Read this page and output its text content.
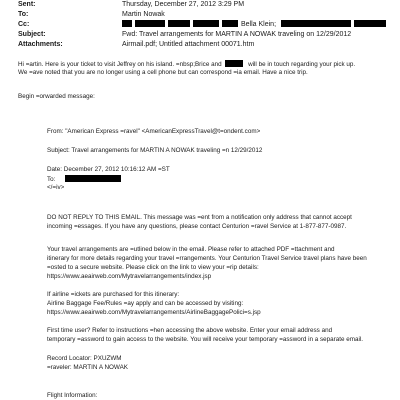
Sent:	Thursday, December 27, 2012 3:29 PM
To:	Martin Nowak
Cc:	Bella Klein;
Subject:	Fwd: Travel arrangements for MARTIN A NOWAK traveling on 12/29/2012
Attachments:	Airmail.pdf; Untitled attachment 00071.htm
Hi =artin. Here is your ticket to visit Jeffrey on his island. =nbsp;Brice and	will be in touch regarding your pick up.
We =ave noted that you are no longer using a cell phone but can correspond =ia email. Have a nice trip.
Begin =orwarded message:
From: "American Express =ravel" <AmericanExpressTravel@t=ondent.com>
Subject: Travel arrangements for MARTIN A NOWAK traveling =n 12/29/2012
Date: December 27, 2012 10:16:12 AM =ST
To:
</=iv>
DO NOT REPLY TO THIS EMAIL. This message was =ent from a notification only address that cannot accept
incoming =essages. If you have any questions, please contact Centurion =ravel Service at 1-877-877-0987.
Your travel arrangements are =utlined below in the email. Please refer to attached PDF =ttachment and
itinerary for more details regarding your travel =rrangements. Your Centurion Travel Service travel plans have been
=osted to a secure website. Please click on the link to view your =rip details:
https://www.aeairweb.com/Mytravelarrangements/index.jsp
If airline =ickets are purchased for this itinerary:
Airline Baggage Fee/Rules =ay apply and can be accessed by visiting:
https://www.aeairweb.com/Mytravelarrangements/AirlineBaggagePolici=s.jsp
First time user? Refer to instructions =hen accessing the above website. Enter your email address and
temporary =assword to gain access to the website. You will receive your temporary =assword in a separate email.
Record Locator: PXUZWM
=raveler: MARTIN A NOWAK
Flight Information:
